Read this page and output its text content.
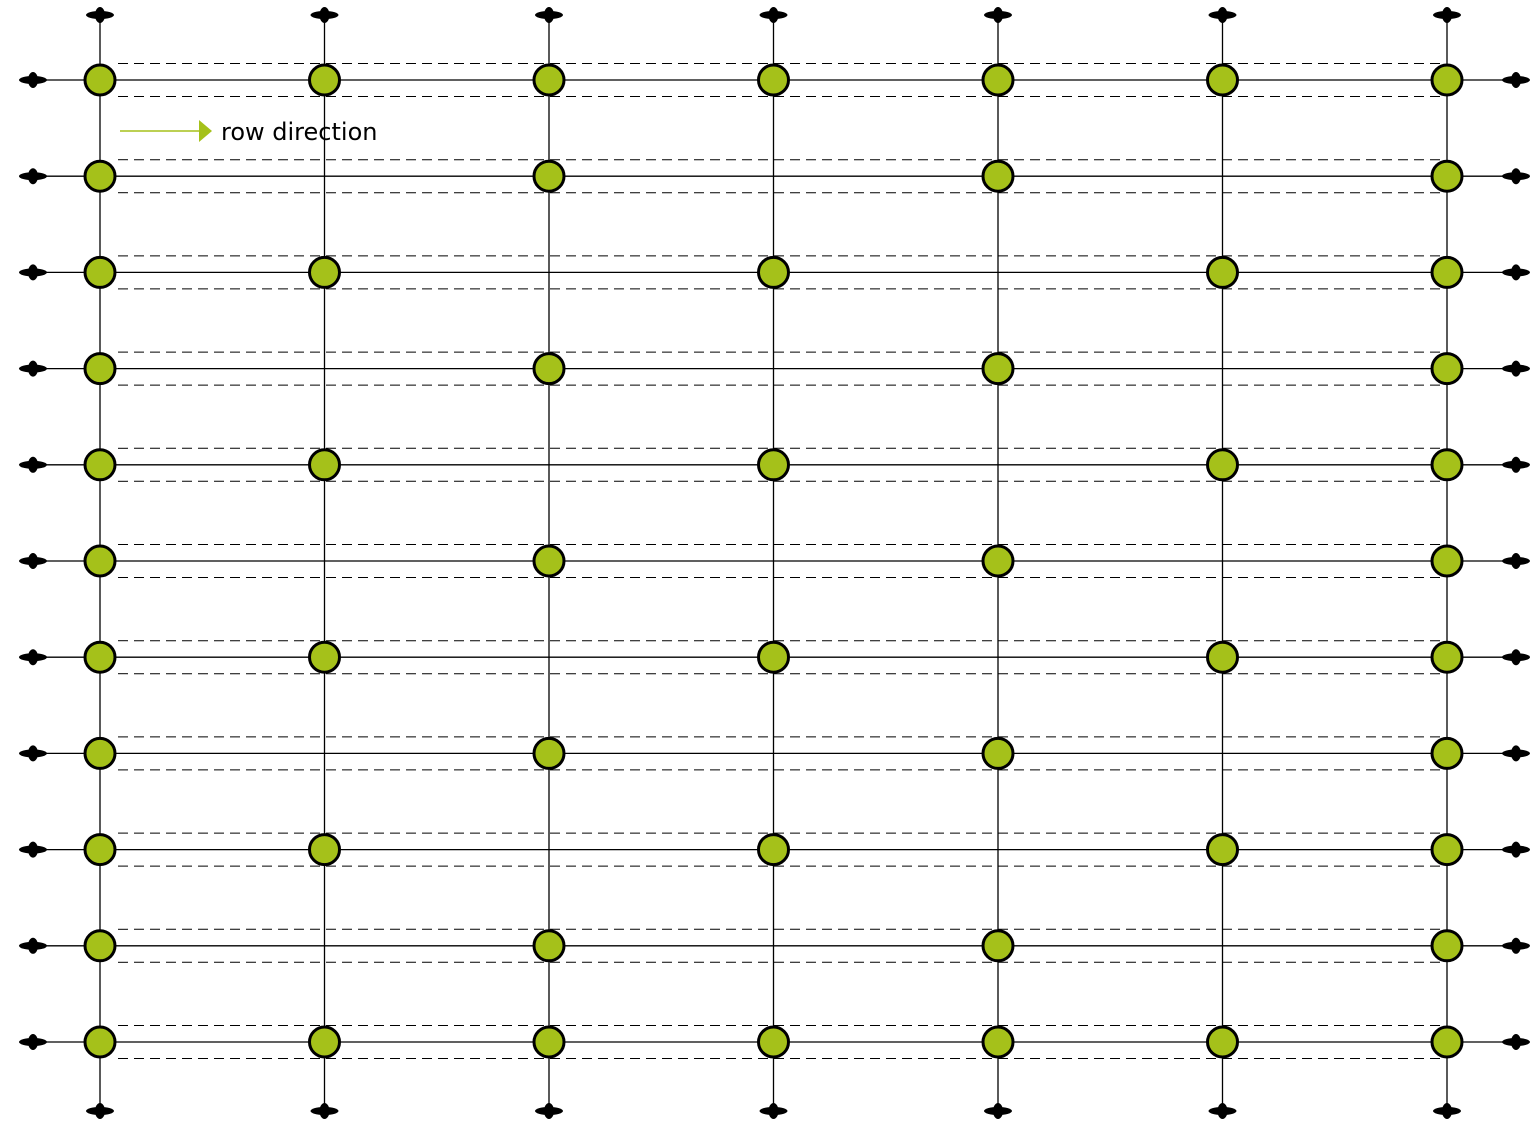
row direction
